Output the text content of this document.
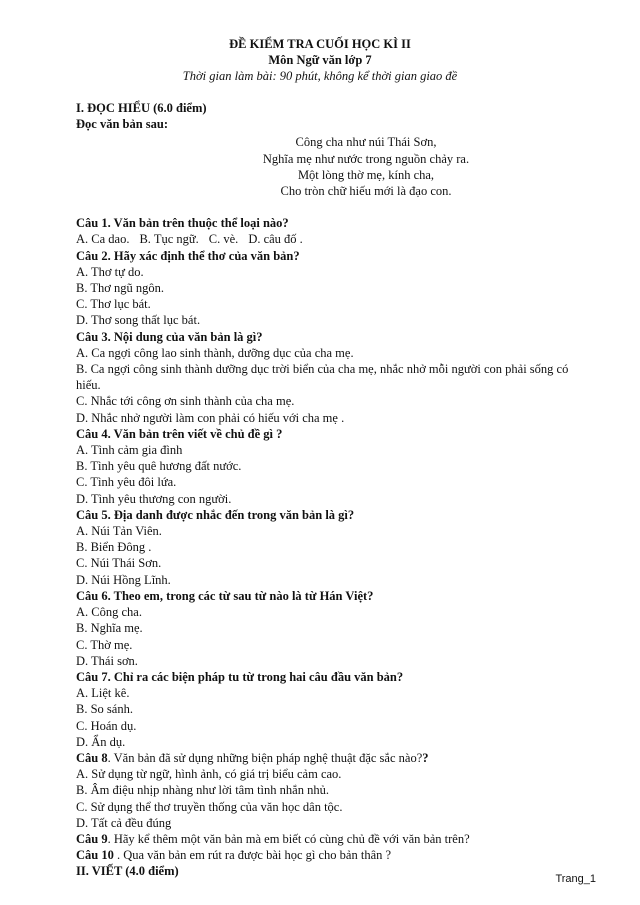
ĐỀ KIỂM TRA CUỐI HỌC KÌ II
Môn Ngữ văn lớp 7
Thời gian làm bài: 90 phút, không kể thời gian giao đề
I. ĐỌC HIỂU (6.0 điểm)
Đọc văn bản sau:
Công cha như núi Thái Sơn,
Nghĩa mẹ như nước trong nguồn chảy ra.
Một lòng thờ mẹ, kính cha,
Cho tròn chữ hiếu mới là đạo con.
Câu 1. Văn bản trên thuộc thể loại nào?
A. Ca dao. B. Tục ngữ. C. vè. D. câu đố .
Câu 2. Hãy xác định thể thơ của văn bản?
A. Thơ tự do.
B. Thơ ngũ ngôn.
C. Thơ lục bát.
D. Thơ song thất lục bát.
Câu 3. Nội dung của văn bản là gì?
A. Ca ngợi công lao sinh thành, dưỡng dục của cha mẹ.
B. Ca ngợi công sinh thành dưỡng dục trời biển của cha mẹ, nhắc nhở mỗi người con phải sống có hiếu.
C. Nhắc tới công ơn sinh thành của cha mẹ.
D. Nhắc nhở người làm con phải có hiếu với cha mẹ .
Câu 4. Văn bản trên viết về chủ đề gì ?
A. Tình cảm gia đình
B. Tình yêu quê hương đất nước.
C. Tình yêu đôi lứa.
D. Tình yêu thương con người.
Câu 5. Địa danh được nhắc đến trong văn bản là gì?
A. Núi Tản Viên.
B. Biển Đông .
C. Núi Thái Sơn.
D. Núi Hồng Lĩnh.
Câu 6. Theo em, trong các từ sau từ nào là từ Hán Việt?
A. Công cha.
B. Nghĩa mẹ.
C. Thờ mẹ.
D. Thái sơn.
Câu 7. Chỉ ra các biện pháp tu từ trong hai câu đầu văn bản?
A. Liệt kê.
B. So sánh.
C. Hoán dụ.
D. Ẩn dụ.
Câu 8. Văn bản đã sử dụng những biện pháp nghệ thuật đặc sắc nào??
A. Sử dụng từ ngữ, hình ảnh, có giá trị biểu cảm cao.
B. Âm điệu nhịp nhàng như lời tâm tình nhắn nhủ.
C. Sử dụng thể thơ truyền thống của văn học dân tộc.
D. Tất cả đều đúng
Câu 9. Hãy kể thêm một văn bản mà em biết có cùng chủ đề với văn bản trên?
Câu 10 . Qua văn bản em rút ra được bài học gì cho bản thân ?
II. VIẾT (4.0 điểm)
Trang_1
